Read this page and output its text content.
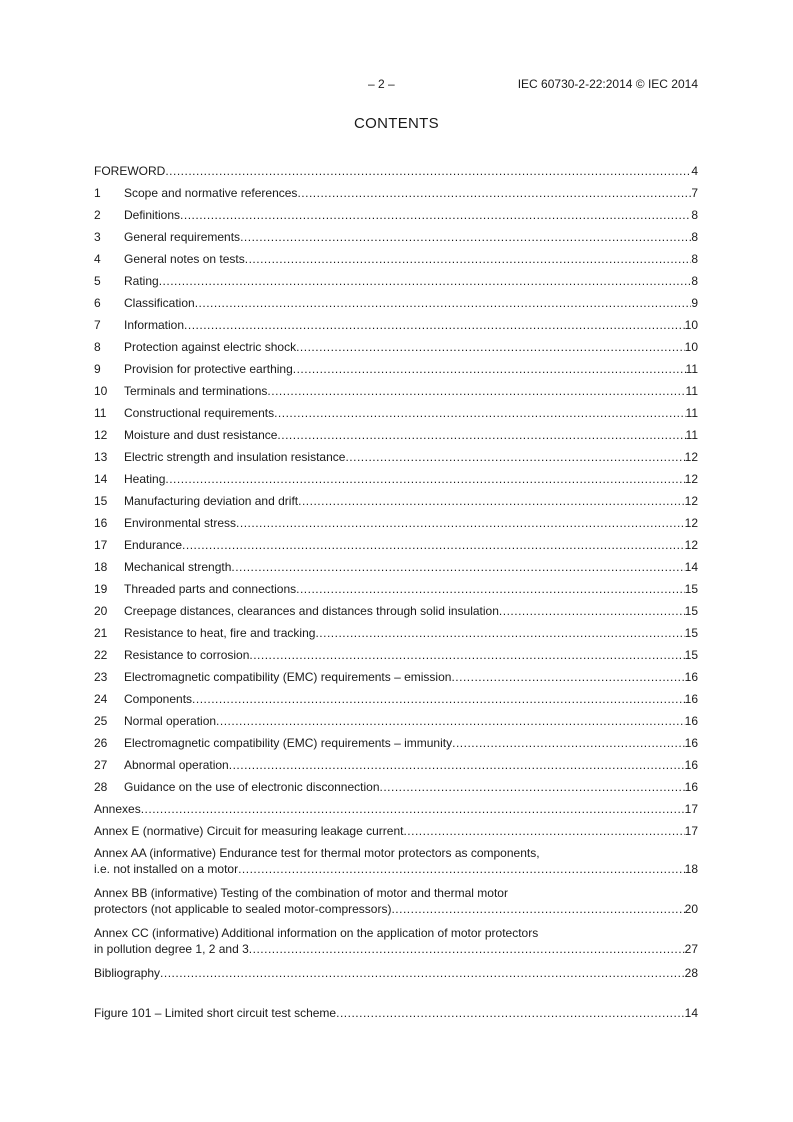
– 2 –	IEC 60730-2-22:2014 © IEC 2014
CONTENTS
FOREWORD .....	4
1	Scope and normative references .....	7
2	Definitions .....	8
3	General requirements .....	8
4	General notes on tests .....	8
5	Rating .....	8
6	Classification .....	9
7	Information .....	10
8	Protection against electric shock .....	10
9	Provision for protective earthing .....	11
10	Terminals and terminations .....	11
11	Constructional requirements .....	11
12	Moisture and dust resistance .....	11
13	Electric strength and insulation resistance .....	12
14	Heating .....	12
15	Manufacturing deviation and drift .....	12
16	Environmental stress .....	12
17	Endurance .....	12
18	Mechanical strength .....	14
19	Threaded parts and connections .....	15
20	Creepage distances, clearances and distances through solid insulation .....	15
21	Resistance to heat, fire and tracking .....	15
22	Resistance to corrosion .....	15
23	Electromagnetic compatibility (EMC) requirements – emission .....	16
24	Components .....	16
25	Normal operation .....	16
26	Electromagnetic compatibility (EMC) requirements – immunity .....	16
27	Abnormal operation .....	16
28	Guidance on the use of electronic disconnection .....	16
Annexes .....	17
Annex E (normative) Circuit for measuring leakage current .....	17
Annex AA (informative) Endurance test for thermal motor protectors as components,
i.e. not installed on a motor .....	18
Annex BB (informative) Testing of the combination of motor and thermal motor
protectors (not applicable to sealed motor-compressors) .....	20
Annex CC (informative) Additional information on the application of motor protectors
in pollution degree 1, 2 and 3 .....	27
Bibliography .....	28
Figure 101 – Limited short circuit test scheme .....	14
